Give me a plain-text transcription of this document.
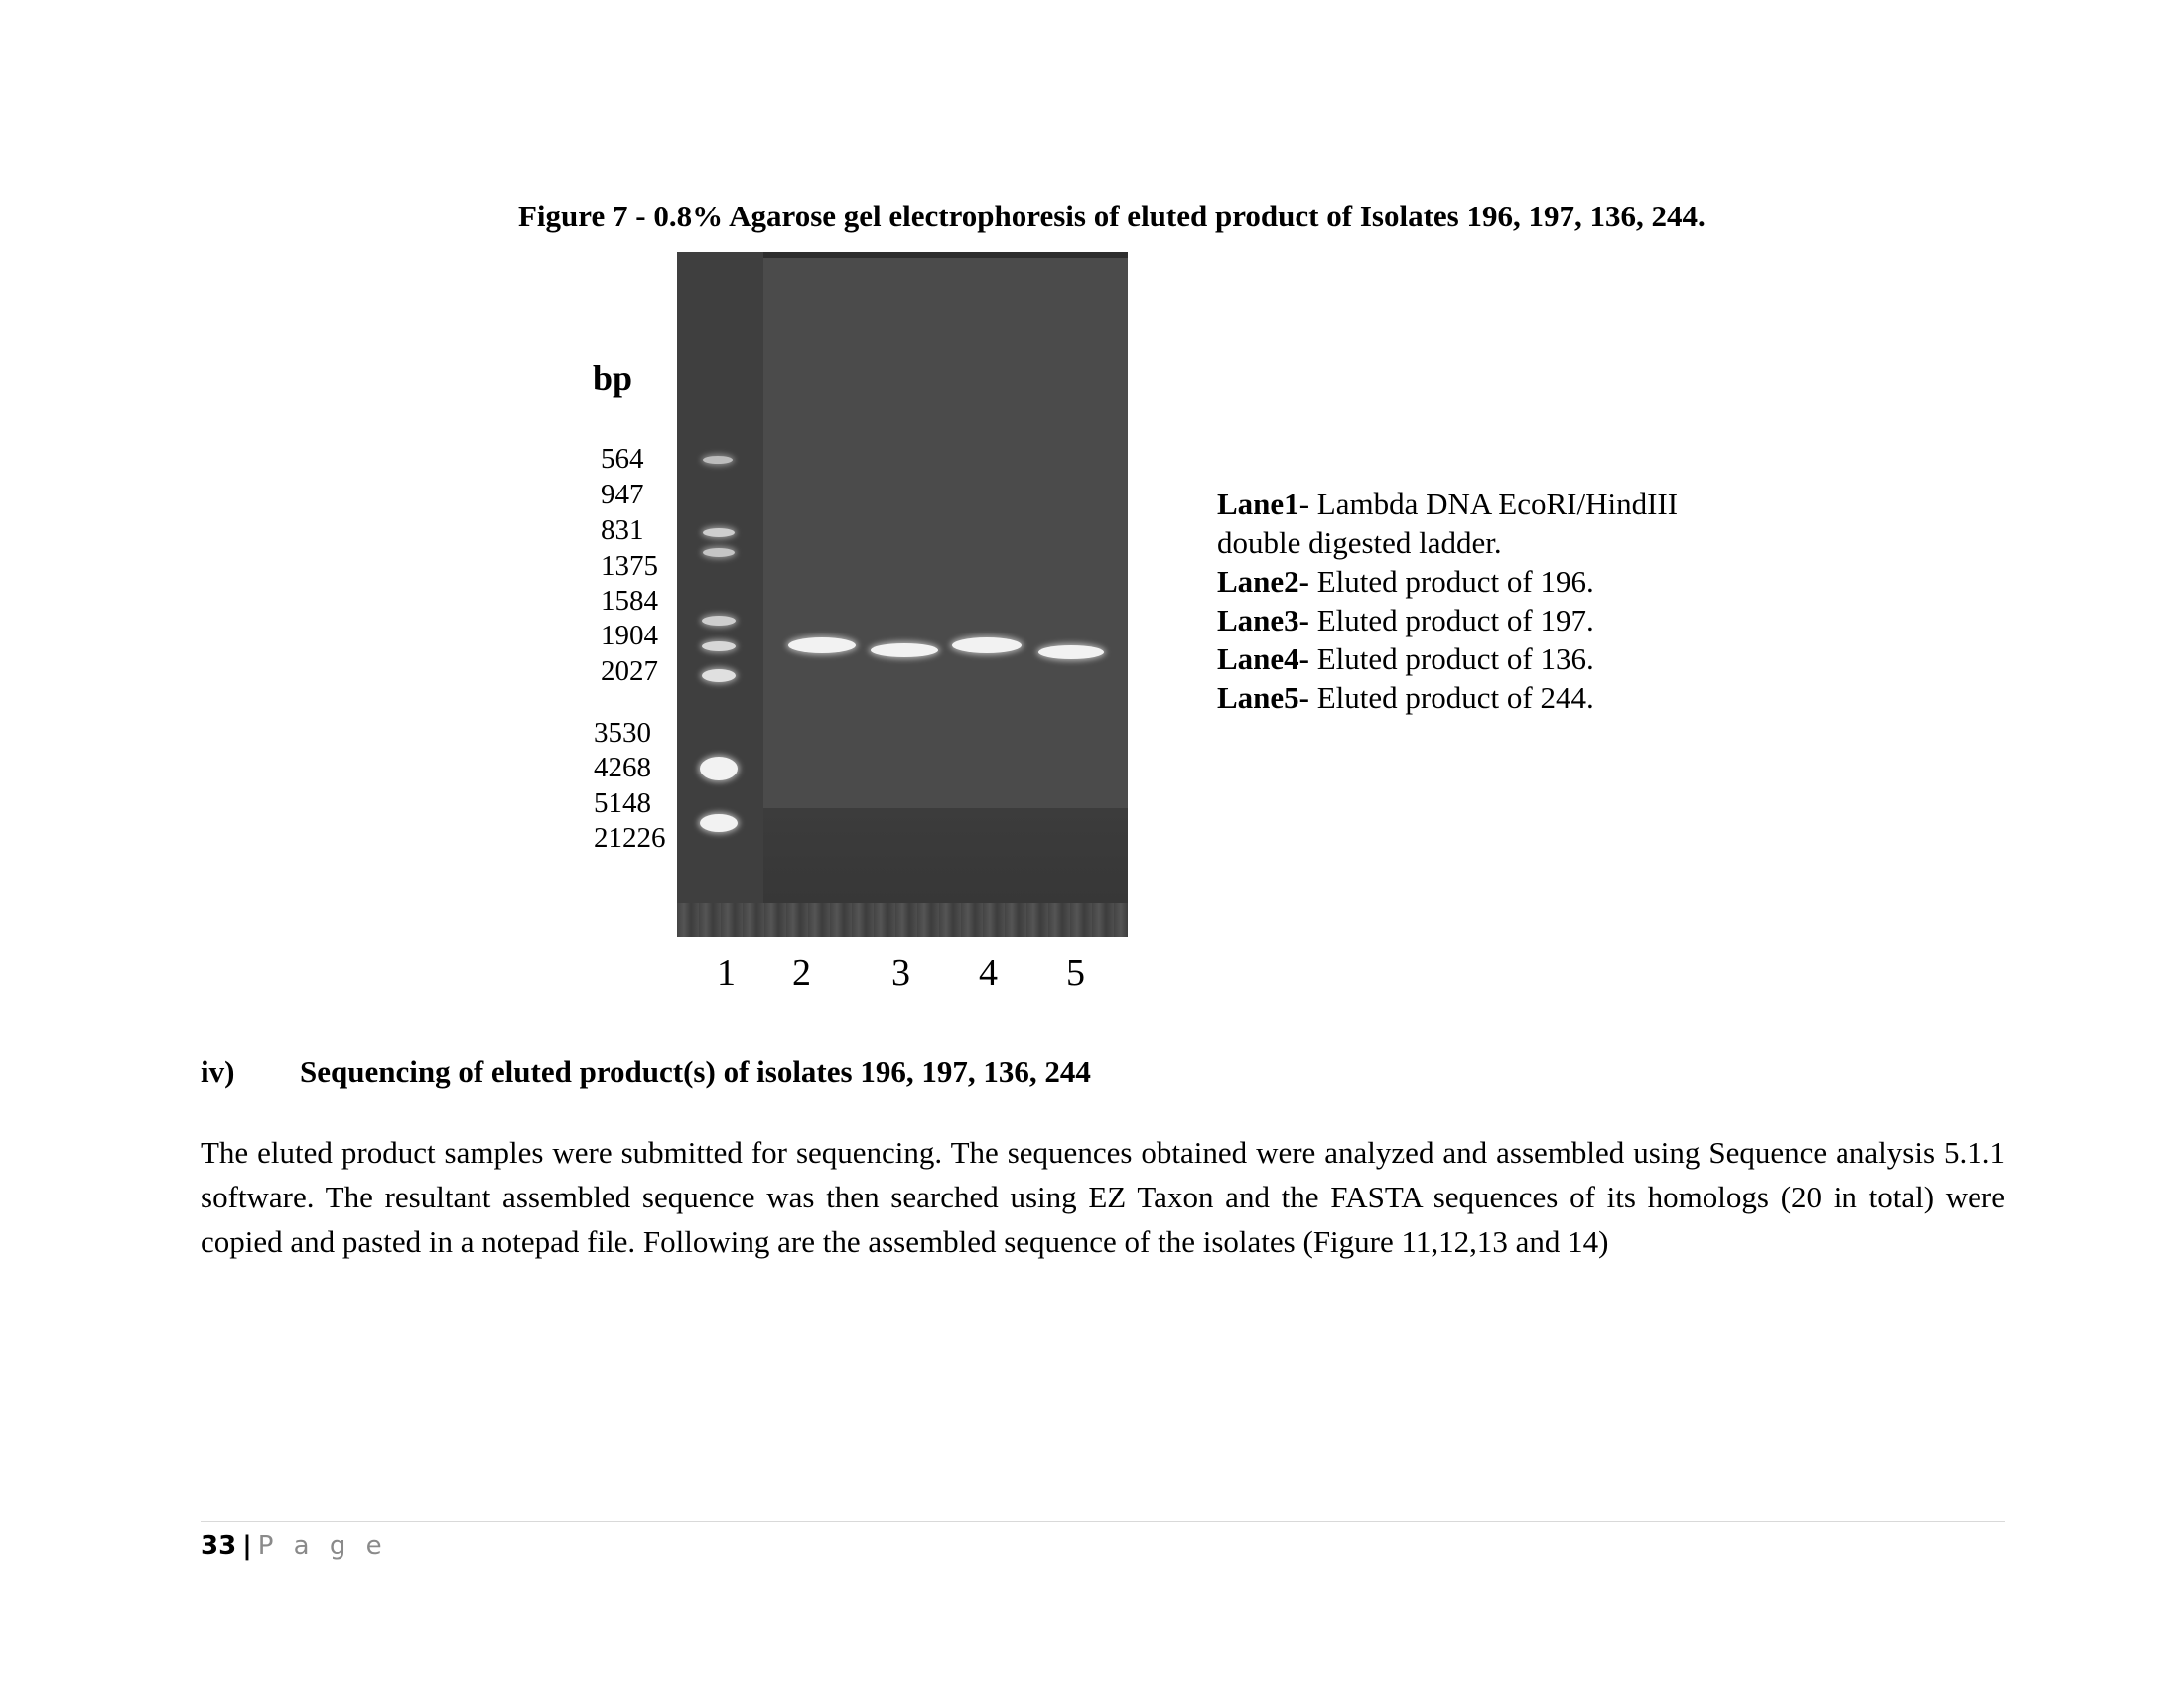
Figure 7 - 0.8% Agarose gel electrophoresis of eluted product of Isolates 196, 197, 136, 244.
bp
564
947
831
1375
1584
1904
2027
3530
4268
5148
21226
1 2 3 4 5
Lane1- Lambda DNA EcoRI/HindIII
double digested ladder.
Lane2- Eluted product of 196.
Lane3- Eluted product of 197.
Lane4- Eluted product of 136.
Lane5- Eluted product of 244.
iv) Sequencing of eluted product(s) of isolates 196, 197, 136, 244
The eluted product samples were submitted for sequencing. The sequences obtained were analyzed and assembled using Sequence analysis 5.1.1 software. The resultant assembled sequence was then searched using EZ Taxon and the FASTA sequences of its homologs (20 in total) were copied and pasted in a notepad file. Following are the assembled sequence of the isolates (Figure 11,12,13 and 14)
33 | P a g e
